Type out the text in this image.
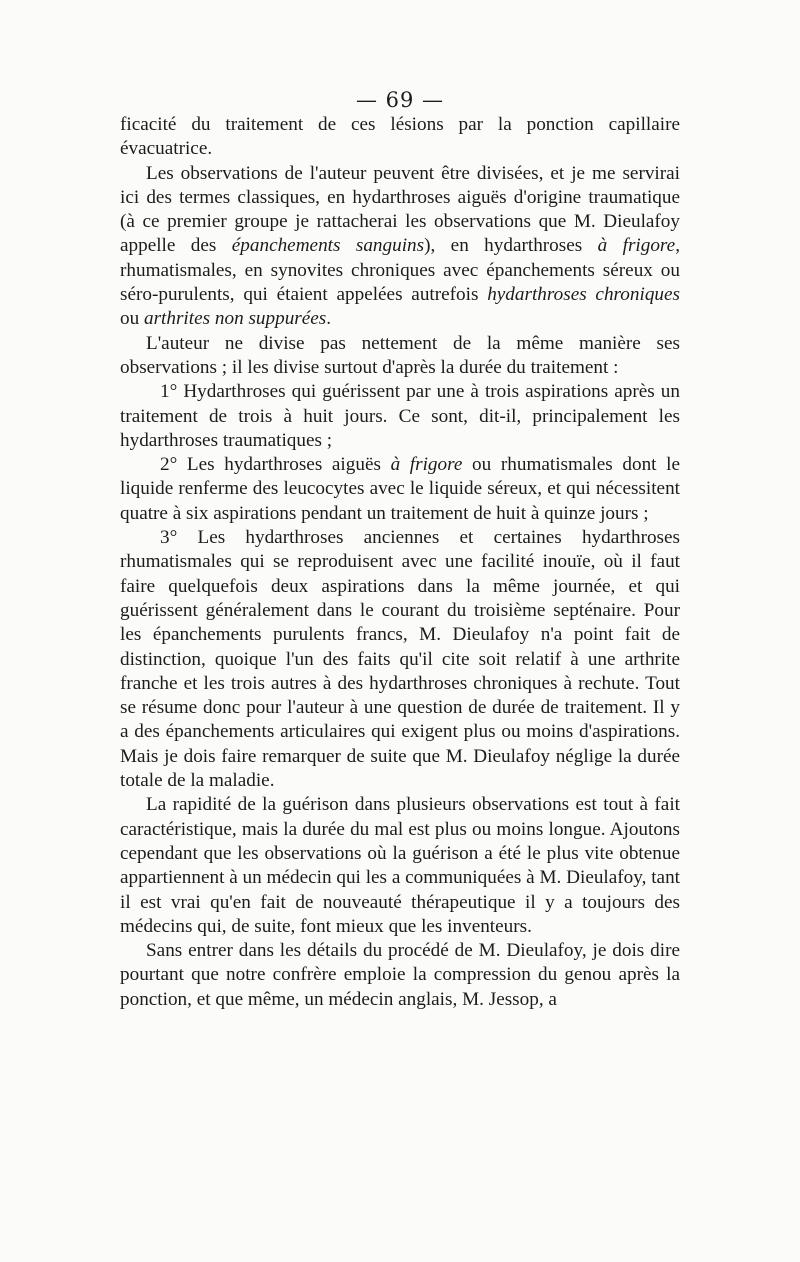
— 69 —

ficacité du traitement de ces lésions par la ponction capillaire évacuatrice.

Les observations de l'auteur peuvent être divisées, et je me servirai ici des termes classiques, en hydarthroses aiguës d'origine traumatique (à ce premier groupe je rattacherai les observations que M. Dieulafoy appelle des épanchements sanguins), en hydarthroses à frigore, rhumatismales, en synovites chroniques avec épanchements séreux ou séro-purulents, qui étaient appelées autrefois hydarthroses chroniques ou arthrites non suppurées.

L'auteur ne divise pas nettement de la même manière ses observations ; il les divise surtout d'après la durée du traitement :

1° Hydarthroses qui guérissent par une à trois aspirations après un traitement de trois à huit jours. Ce sont, dit-il, principalement les hydarthroses traumatiques ;

2° Les hydarthroses aiguës à frigore ou rhumatismales dont le liquide renferme des leucocytes avec le liquide séreux, et qui nécessitent quatre à six aspirations pendant un traitement de huit à quinze jours ;

3° Les hydarthroses anciennes et certaines hydarthroses rhumatismales qui se reproduisent avec une facilité inouïe, où il faut faire quelquefois deux aspirations dans la même journée, et qui guérissent généralement dans le courant du troisième septénaire. Pour les épanchements purulents francs, M. Dieulafoy n'a point fait de distinction, quoique l'un des faits qu'il cite soit relatif à une arthrite franche et les trois autres à des hydarthroses chroniques à rechute. Tout se résume donc pour l'auteur à une question de durée de traitement. Il y a des épanchements articulaires qui exigent plus ou moins d'aspirations. Mais je dois faire remarquer de suite que M. Dieulafoy néglige la durée totale de la maladie.

La rapidité de la guérison dans plusieurs observations est tout à fait caractéristique, mais la durée du mal est plus ou moins longue. Ajoutons cependant que les observations où la guérison a été le plus vite obtenue appartiennent à un médecin qui les a communiquées à M. Dieulafoy, tant il est vrai qu'en fait de nouveauté thérapeutique il y a toujours des médecins qui, de suite, font mieux que les inventeurs.

Sans entrer dans les détails du procédé de M. Dieulafoy, je dois dire pourtant que notre confrère emploie la compression du genou après la ponction, et que même, un médecin anglais, M. Jessop, a
